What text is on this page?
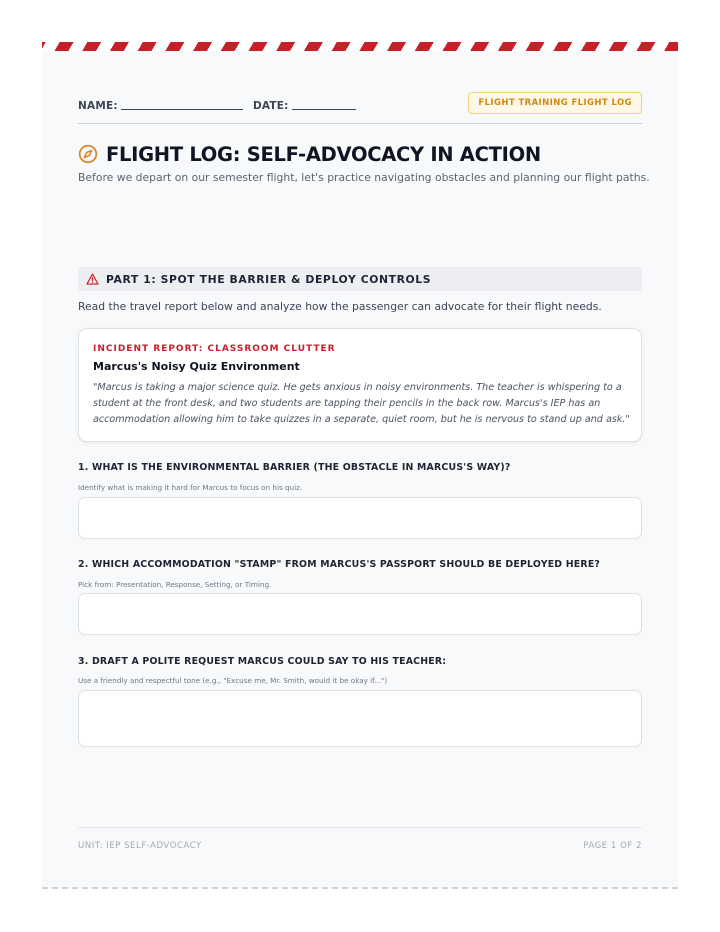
NAME:	DATE:	FLIGHT TRAINING FLIGHT LOG
FLIGHT LOG: SELF-ADVOCACY IN ACTION
Before we depart on our semester flight, let's practice navigating obstacles and planning our flight paths.
PART 1: SPOT THE BARRIER & DEPLOY CONTROLS
Read the travel report below and analyze how the passenger can advocate for their flight needs.
INCIDENT REPORT: CLASSROOM CLUTTER
Marcus's Noisy Quiz Environment
"Marcus is taking a major science quiz. He gets anxious in noisy environments. The teacher is whispering to a student at the front desk, and two students are tapping their pencils in the back row. Marcus's IEP has an accommodation allowing him to take quizzes in a separate, quiet room, but he is nervous to stand up and ask."
1. WHAT IS THE ENVIRONMENTAL BARRIER (THE OBSTACLE IN MARCUS'S WAY)?
Identify what is making it hard for Marcus to focus on his quiz.
2. WHICH ACCOMMODATION "STAMP" FROM MARCUS'S PASSPORT SHOULD BE DEPLOYED HERE?
Pick from: Presentation, Response, Setting, or Timing.
3. DRAFT A POLITE REQUEST MARCUS COULD SAY TO HIS TEACHER:
Use a friendly and respectful tone (e.g., "Excuse me, Mr. Smith, would it be okay if...")
UNIT: IEP SELF-ADVOCACY	PAGE 1 OF 2
